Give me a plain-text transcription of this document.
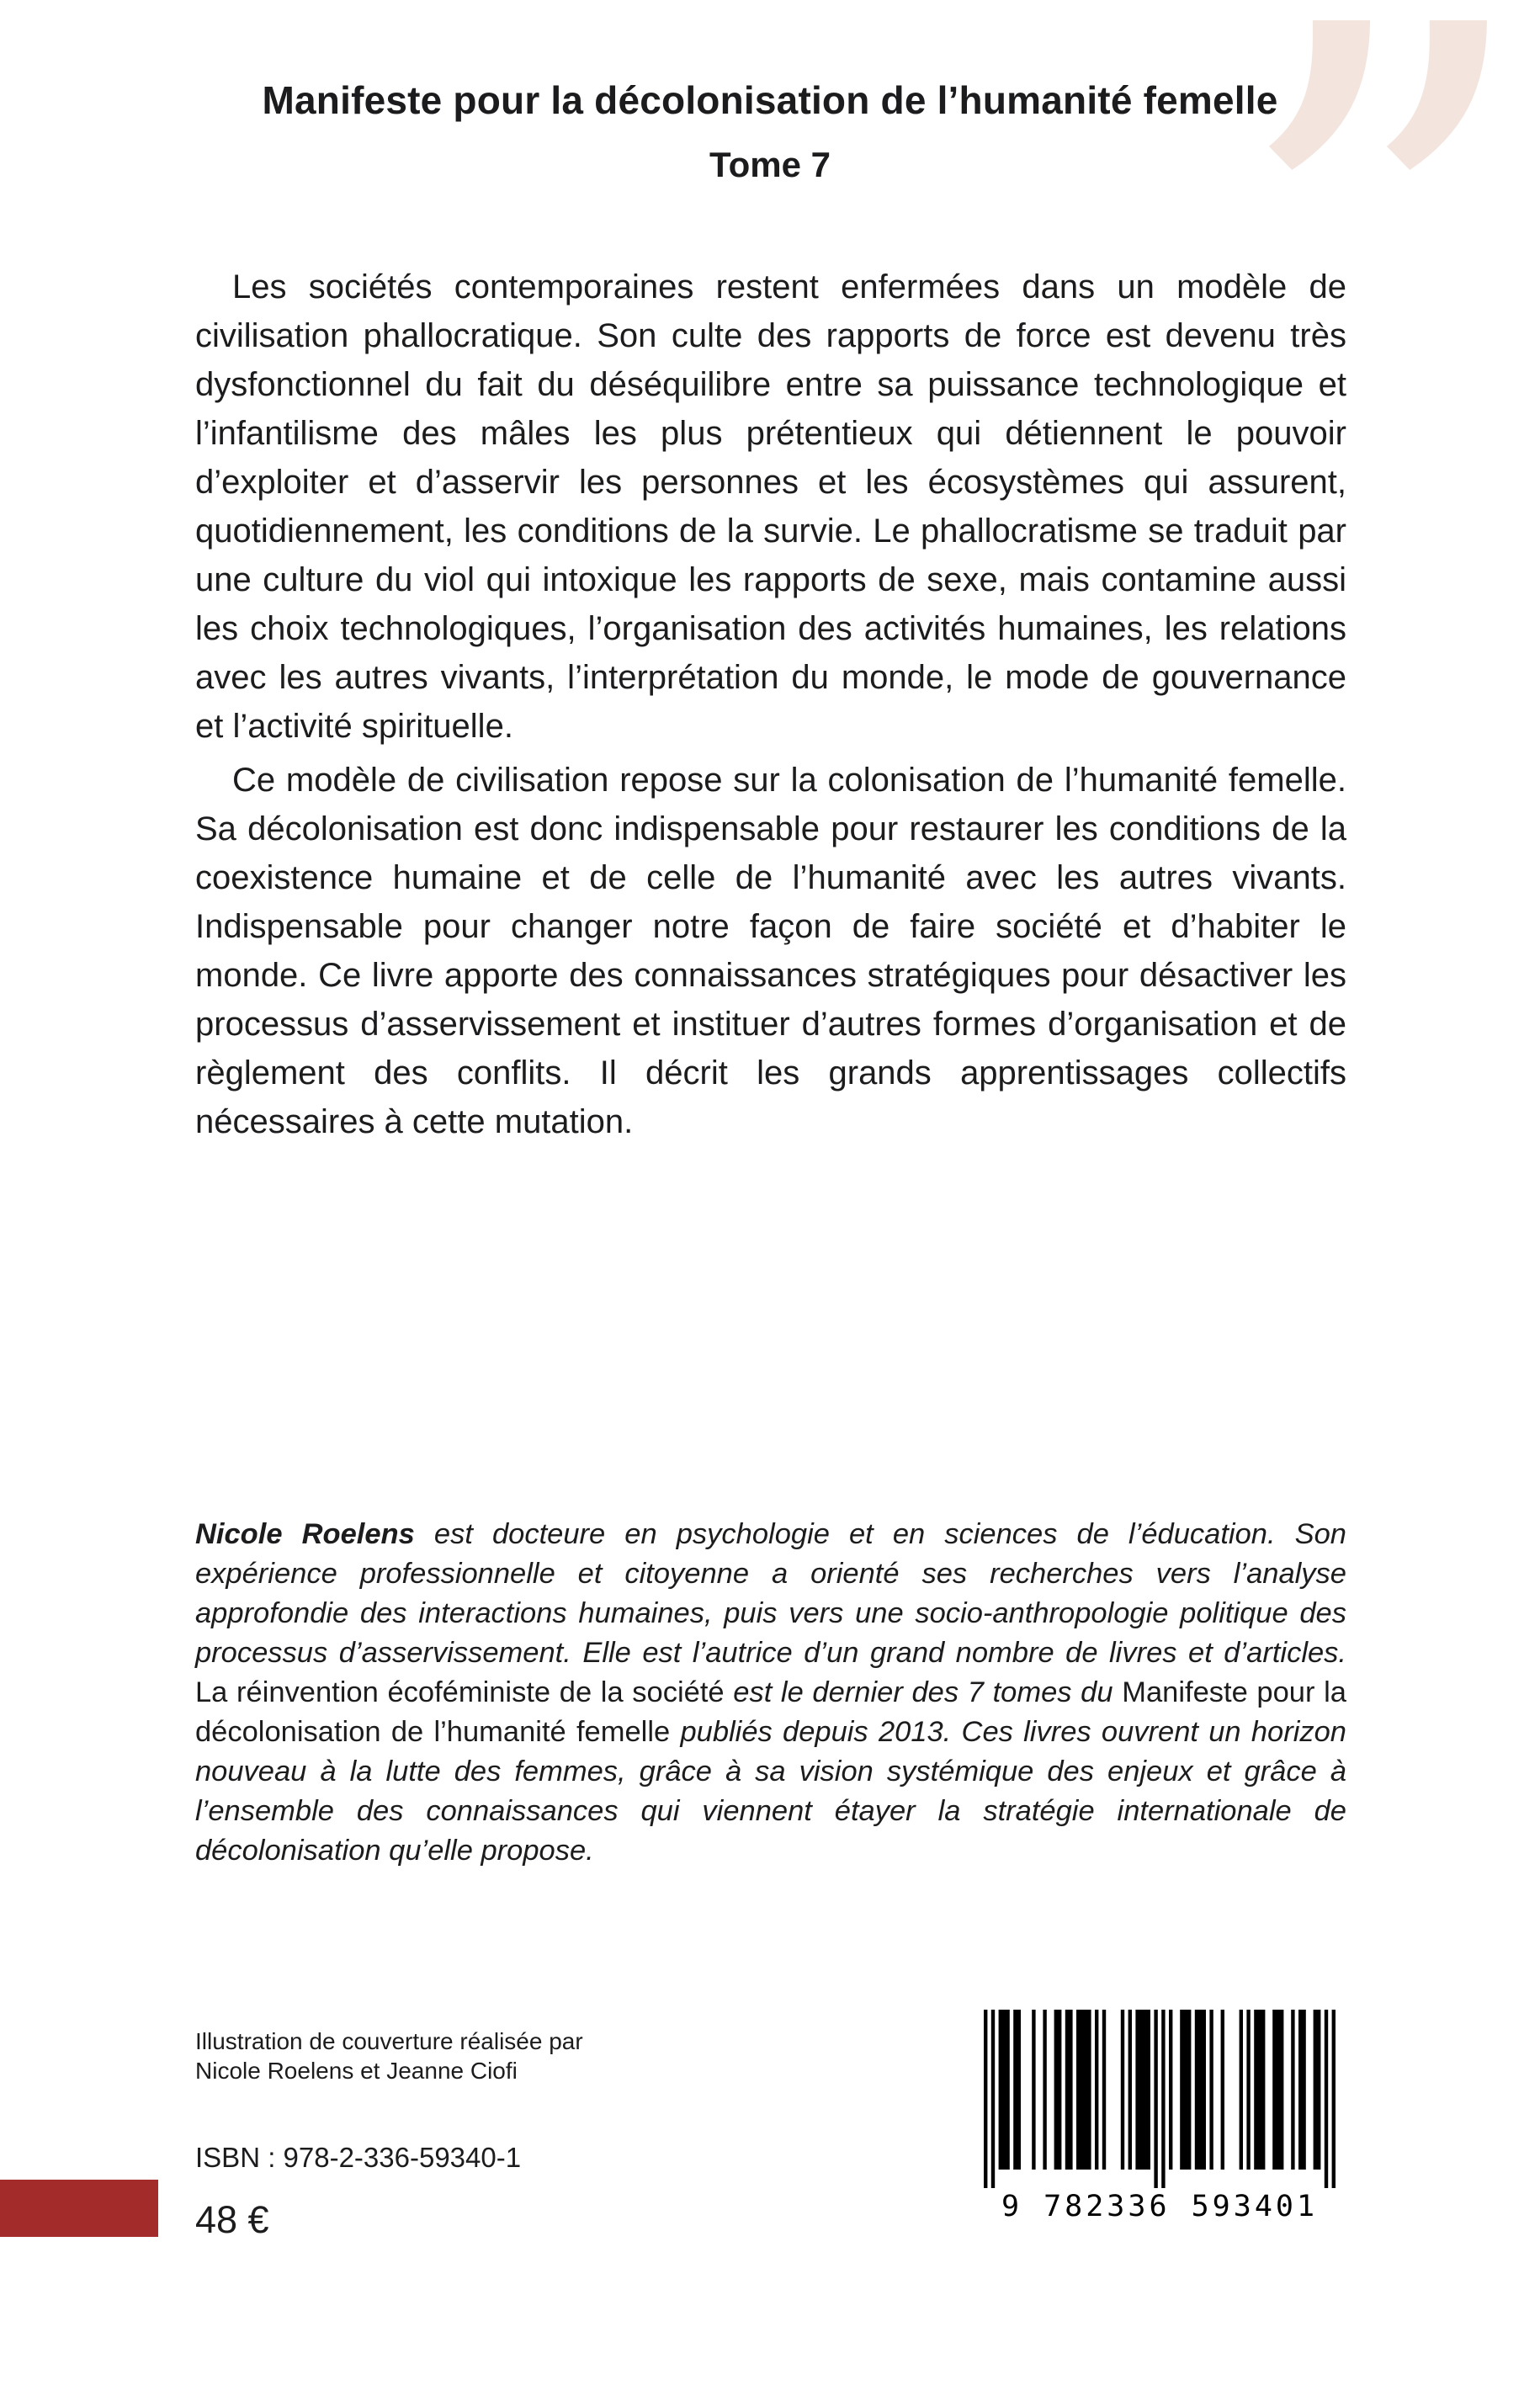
”
Manifeste pour la décolonisation de l’humanité femelle
Tome 7

Les sociétés contemporaines restent enfermées dans un modèle de civilisation phallocratique. Son culte des rapports de force est devenu très dysfonctionnel du fait du déséquilibre entre sa puissance technologique et l’infantilisme des mâles les plus prétentieux qui détiennent le pouvoir d’exploiter et d’asservir les personnes et les écosystèmes qui assurent, quotidiennement, les conditions de la survie. Le phallocratisme se traduit par une culture du viol qui intoxique les rapports de sexe, mais contamine aussi les choix technologiques, l’organisation des activités humaines, les relations avec les autres vivants, l’interprétation du monde, le mode de gouvernance et l’activité spirituelle.

Ce modèle de civilisation repose sur la colonisation de l’humanité femelle. Sa décolonisation est donc indispensable pour restaurer les conditions de la coexistence humaine et de celle de l’humanité avec les autres vivants. Indispensable pour changer notre façon de faire société et d’habiter le monde. Ce livre apporte des connaissances stratégiques pour désactiver les processus d’asservissement et instituer d’autres formes d’organisation et de règlement des conflits. Il décrit les grands apprentissages collectifs nécessaires à cette mutation.

Nicole Roelens est docteure en psychologie et en sciences de l’éducation. Son expérience professionnelle et citoyenne a orienté ses recherches vers l’analyse approfondie des interactions humaines, puis vers une socio-anthropologie politique des processus d’asservissement. Elle est l’autrice d’un grand nombre de livres et d’articles. La réinvention écoféministe de la société est le dernier des 7 tomes du Manifeste pour la décolonisation de l’humanité femelle publiés depuis 2013. Ces livres ouvrent un horizon nouveau à la lutte des femmes, grâce à sa vision systémique des enjeux et grâce à l’ensemble des connaissances qui viennent étayer la stratégie internationale de décolonisation qu’elle propose.

Illustration de couverture réalisée par
Nicole Roelens et Jeanne Ciofi
ISBN : 978-2-336-59340-1
48 €	9 782336 593401
